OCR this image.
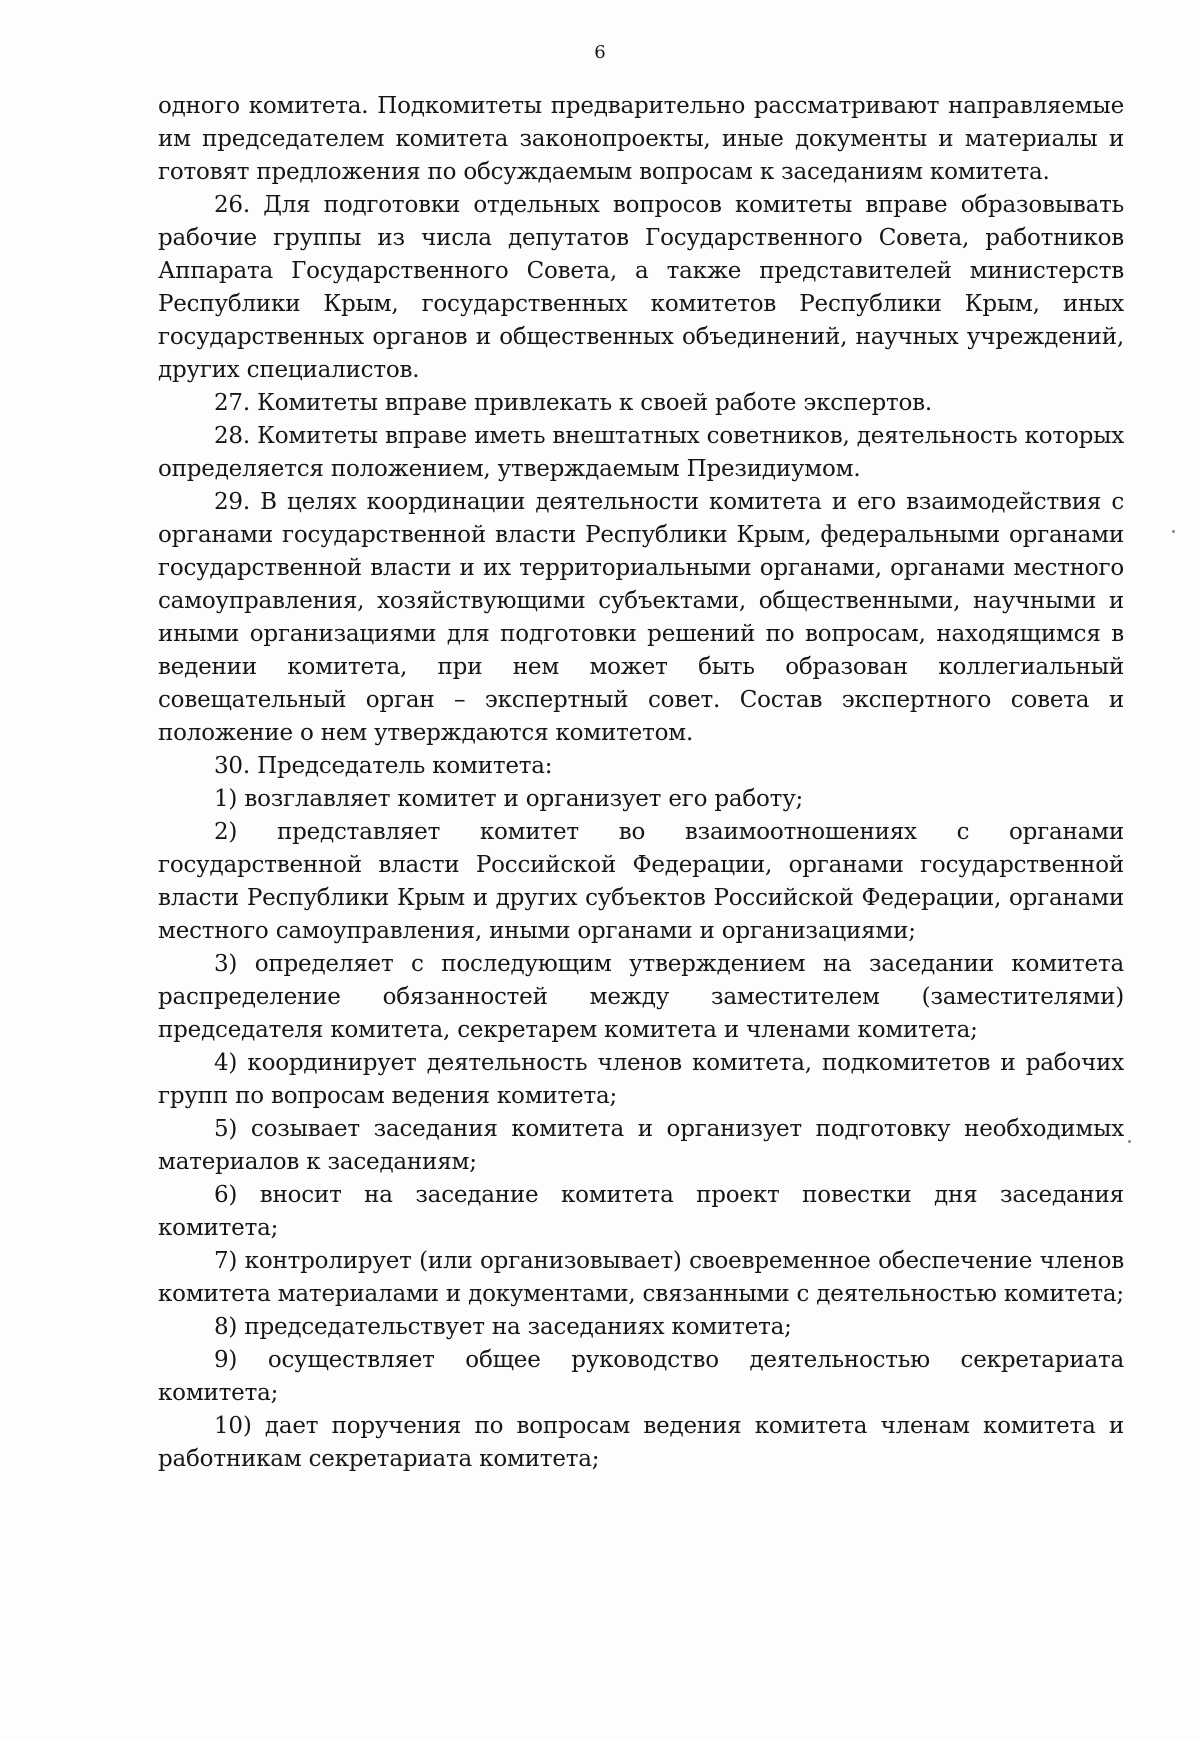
6

одного комитета. Подкомитеты предварительно рассматривают направляемые им председателем комитета законопроекты, иные документы и материалы и готовят предложения по обсуждаемым вопросам к заседаниям комитета.

26. Для подготовки отдельных вопросов комитеты вправе образовывать рабочие группы из числа депутатов Государственного Совета, работников Аппарата Государственного Совета, а также представителей министерств Республики Крым, государственных комитетов Республики Крым, иных государственных органов и общественных объединений, научных учреждений, других специалистов.

27. Комитеты вправе привлекать к своей работе экспертов.

28. Комитеты вправе иметь внештатных советников, деятельность которых определяется положением, утверждаемым Президиумом.

29. В целях координации деятельности комитета и его взаимодействия с органами государственной власти Республики Крым, федеральными органами государственной власти и их территориальными органами, органами местного самоуправления, хозяйствующими субъектами, общественными, научными и иными организациями для подготовки решений по вопросам, находящимся в ведении комитета, при нем может быть образован коллегиальный совещательный орган – экспертный совет. Состав экспертного совета и положение о нем утверждаются комитетом.

30. Председатель комитета:

1) возглавляет комитет и организует его работу;

2) представляет комитет во взаимоотношениях с органами государственной власти Российской Федерации, органами государственной власти Республики Крым и других субъектов Российской Федерации, органами местного самоуправления, иными органами и организациями;

3) определяет с последующим утверждением на заседании комитета распределение обязанностей между заместителем (заместителями) председателя комитета, секретарем комитета и членами комитета;

4) координирует деятельность членов комитета, подкомитетов и рабочих групп по вопросам ведения комитета;

5) созывает заседания комитета и организует подготовку необходимых материалов к заседаниям;

6) вносит на заседание комитета проект повестки дня заседания комитета;

7) контролирует (или организовывает) своевременное обеспечение членов комитета материалами и документами, связанными с деятельностью комитета;

8) председательствует на заседаниях комитета;

9) осуществляет общее руководство деятельностью секретариата комитета;

10) дает поручения по вопросам ведения комитета членам комитета и работникам секретариата комитета;
